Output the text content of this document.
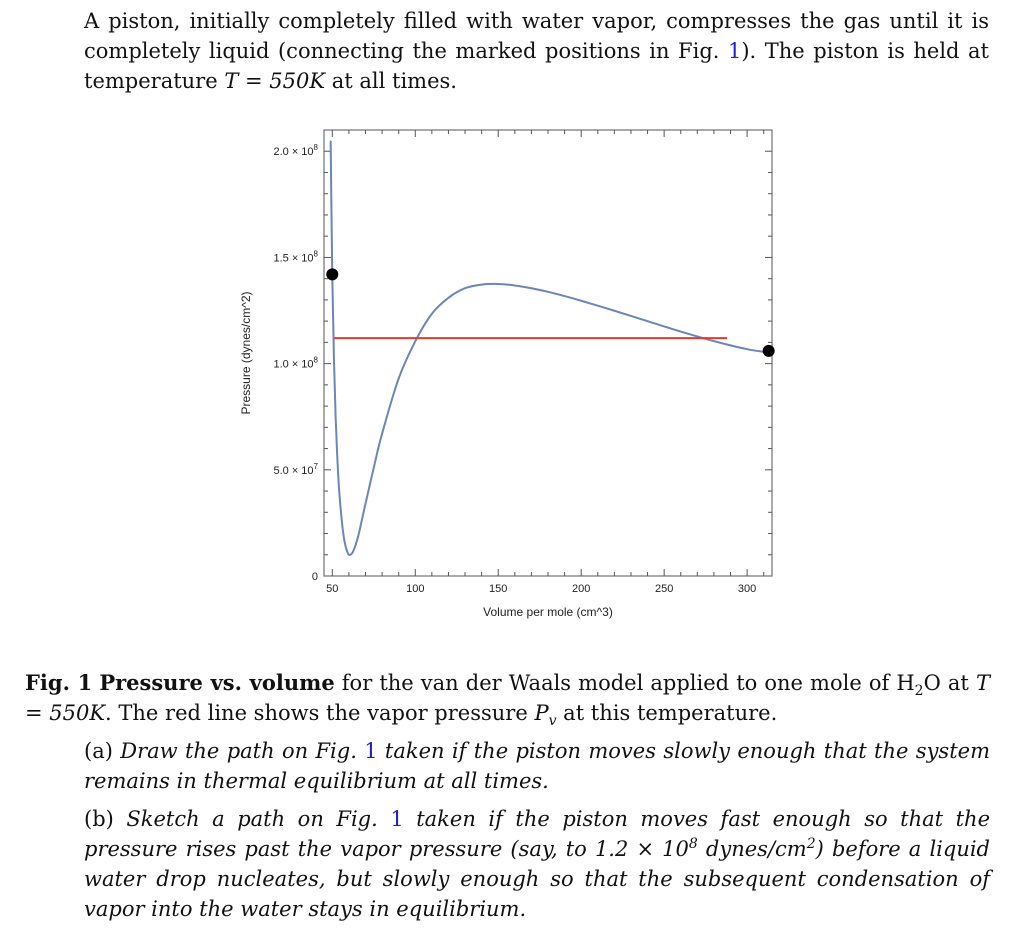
A piston, initially completely filled with water vapor, compresses the gas until it is completely liquid (connecting the marked positions in Fig. 1). The piston is held at temperature T = 550K at all times.
50	100	150	200	250	300
0
$5.0 \times 10^7$
$1.0 \times 10^8$
$1.5 \times 10^8$
$2.0 \times 10^8$
Volume per mole (cm^3)
Pressure (dynes/cm^2)
Fig. 1 Pressure vs. volume for the van der Waals model applied to one mole of $H_2O$ at T = 550K. The red line shows the vapor pressure $P_v$ at this temperature.
(a) Draw the path on Fig. 1 taken if the piston moves slowly enough that the system remains in thermal equilibrium at all times.
(b) Sketch a path on Fig. 1 taken if the piston moves fast enough so that the pressure rises past the vapor pressure (say, to $1.2 \times 10^8$ dynes/$cm^2$) before a liquid water drop nucleates, but slowly enough so that the subsequent condensation of vapor into the water stays in equilibrium.
